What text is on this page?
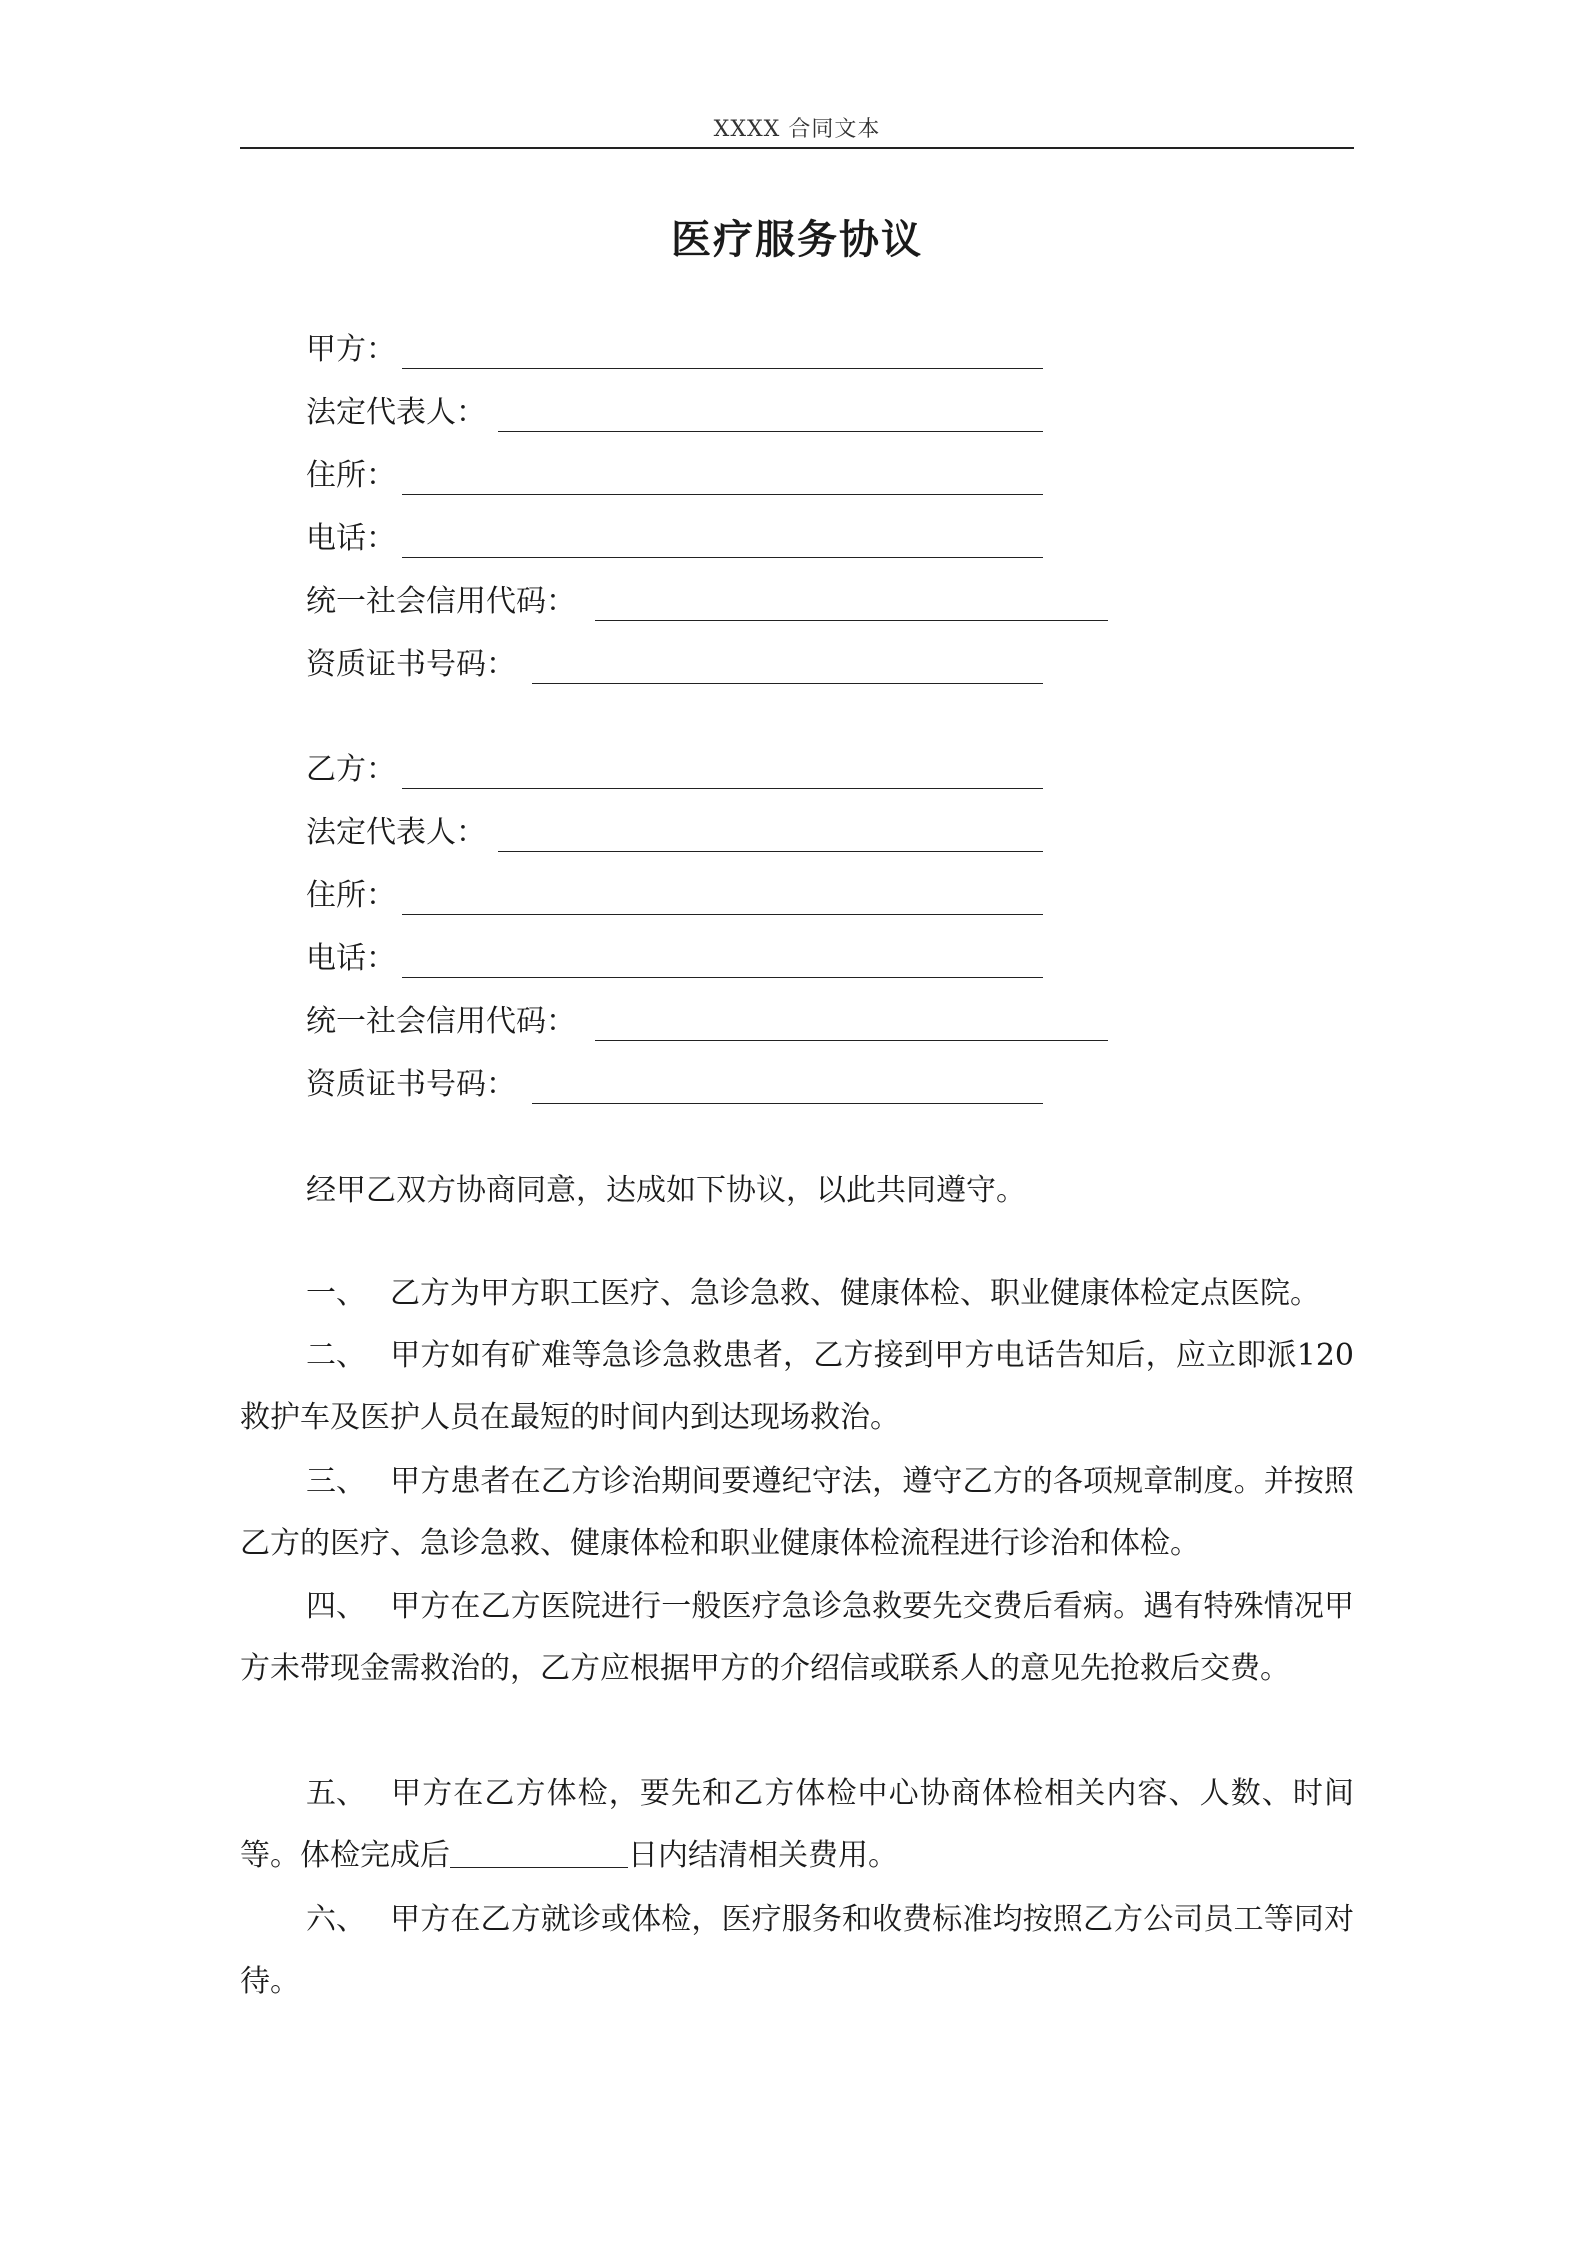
XXXX 合同文本
医疗服务协议
甲方：
法定代表人：
住所：
电话：
统一社会信用代码：
资质证书号码：
乙方：
法定代表人：
住所：
电话：
统一社会信用代码：
资质证书号码：
经甲乙双方协商同意，达成如下协议，以此共同遵守。
一、 乙方为甲方职工医疗、急诊急救、健康体检、职业健康体检定点医院。
二、 甲方如有矿难等急诊急救患者，乙方接到甲方电话告知后，应立即派120救护车及医护人员在最短的时间内到达现场救治。
三、 甲方患者在乙方诊治期间要遵纪守法，遵守乙方的各项规章制度。并按照乙方的医疗、急诊急救、健康体检和职业健康体检流程进行诊治和体检。
四、 甲方在乙方医院进行一般医疗急诊急救要先交费后看病。遇有特殊情况甲方未带现金需救治的，乙方应根据甲方的介绍信或联系人的意见先抢救后交费。
五、 甲方在乙方体检，要先和乙方体检中心协商体检相关内容、人数、时间等。体检完成后	日内结清相关费用。
六、 甲方在乙方就诊或体检，医疗服务和收费标准均按照乙方公司员工等同对待。
